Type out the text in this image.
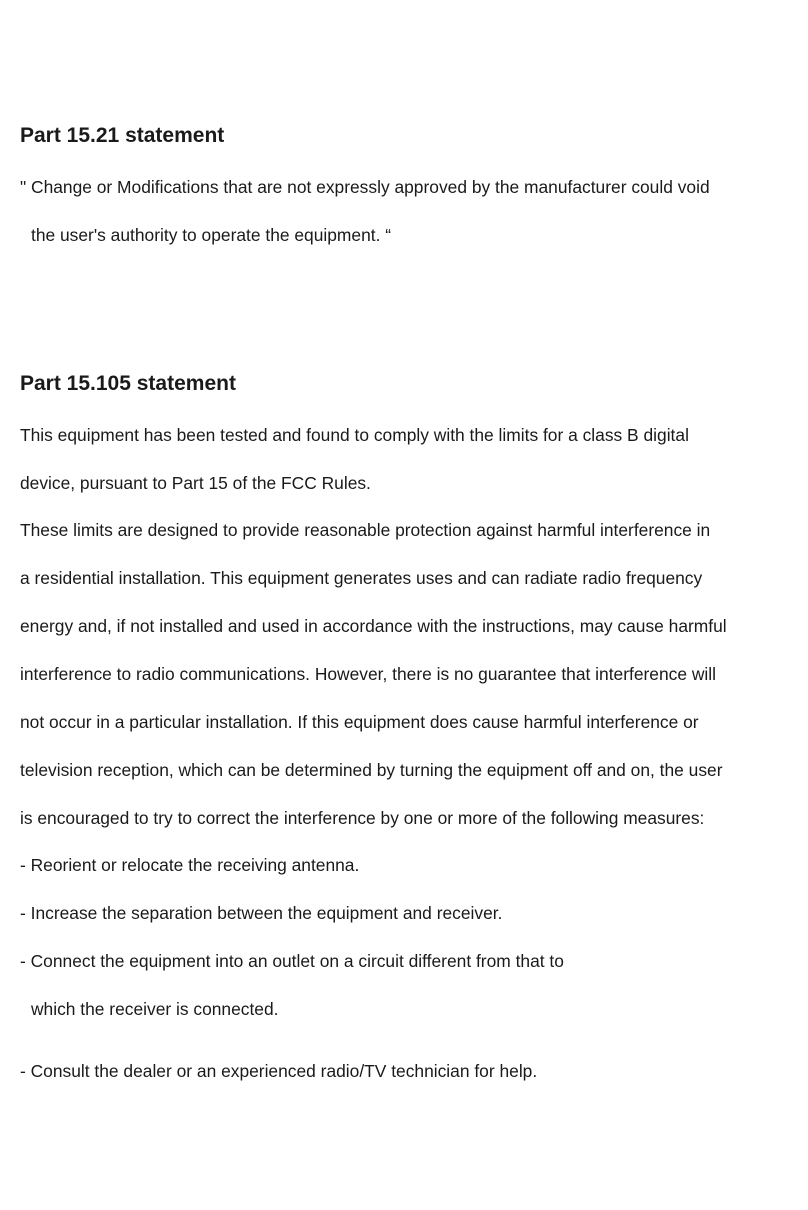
Part 15.21 statement
" Change or Modifications that are not expressly approved by the manufacturer could void
the user's authority to operate the equipment. “
Part 15.105 statement
This equipment has been tested and found to comply with the limits for a class B digital
device, pursuant to Part 15 of the FCC Rules.
These limits are designed to provide reasonable protection against harmful interference in
a residential installation. This equipment generates uses and can radiate radio frequency
energy and, if not installed and used in accordance with the instructions, may cause harmful
interference to radio communications. However, there is no guarantee that interference will
not occur in a particular installation. If this equipment does cause harmful interference or
television reception, which can be determined by turning the equipment off and on, the user
is encouraged to try to correct the interference by one or more of the following measures:
- Reorient or relocate the receiving antenna.
- Increase the separation between the equipment and receiver.
- Connect the equipment into an outlet on a circuit different from that to
which the receiver is connected.
- Consult the dealer or an experienced radio/TV technician for help.
